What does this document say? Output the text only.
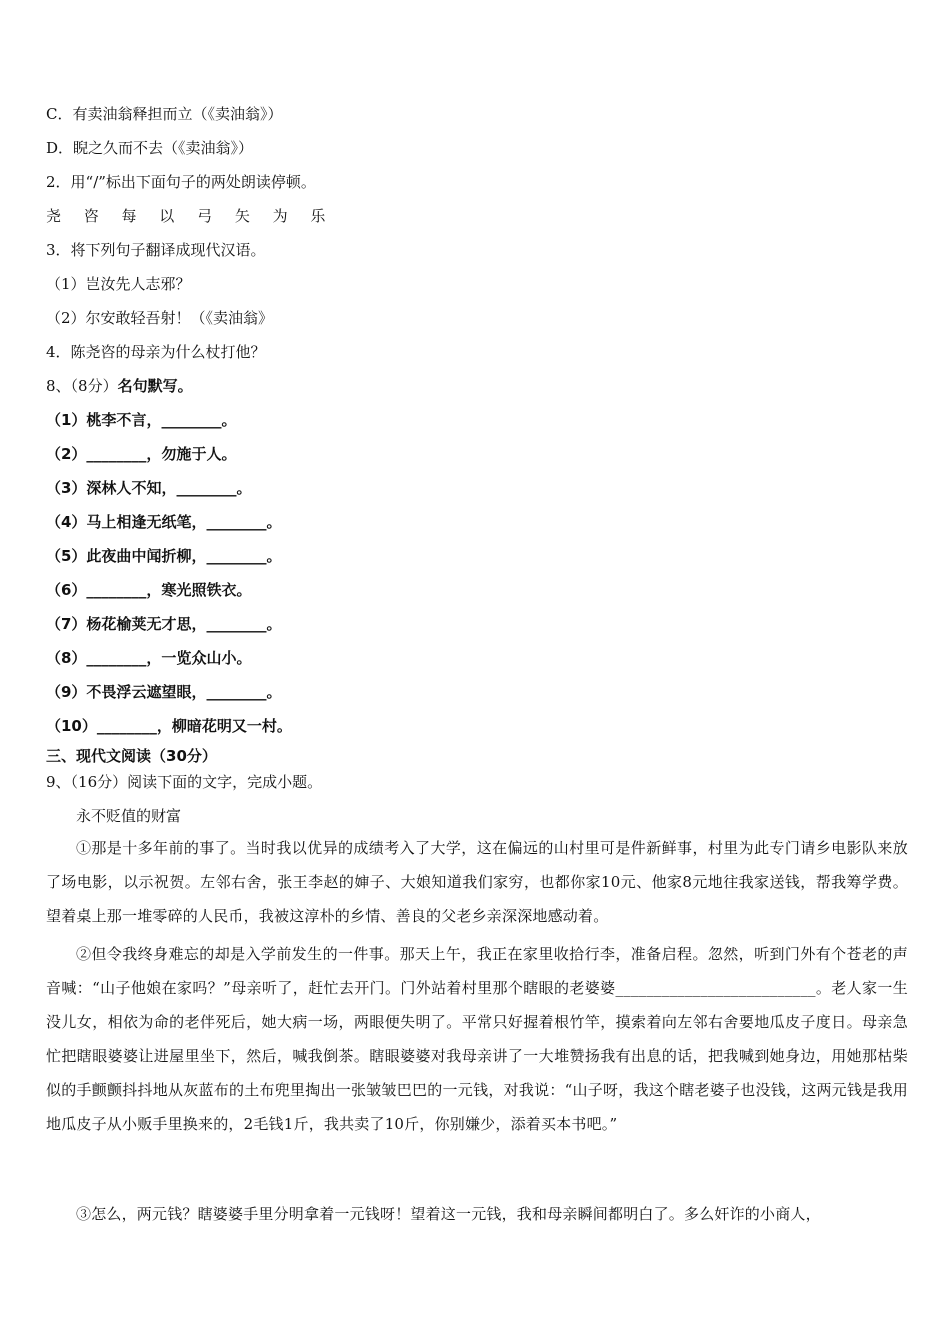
C．有卖油翁释担而立（《卖油翁》）
D．睨之久而不去（《卖油翁》）
2．用“/”标出下面句子的两处朗读停顿。
尧 咨 每 以 弓 矢 为 乐
3．将下列句子翻译成现代汉语。
（1）岂汝先人志邪？
（2）尔安敢轻吾射！（《卖油翁》
4．陈尧咨的母亲为什么杖打他？
8、（8分）名句默写。
（1）桃李不言，________。
（2）________，勿施于人。
（3）深林人不知，________。
（4）马上相逢无纸笔，________。
（5）此夜曲中闻折柳，________。
（6）________，寒光照铁衣。
（7）杨花榆荚无才思，________。
（8）________，一览众山小。
（9）不畏浮云遮望眼，________。
（10）________，柳暗花明又一村。
三、现代文阅读（30分）
9、（16分）阅读下面的文字，完成小题。
永不贬值的财富
①那是十多年前的事了。当时我以优异的成绩考入了大学，这在偏远的山村里可是件新鲜事，村里为此专门请乡电影队来放了场电影，以示祝贺。左邻右舍，张王李赵的婶子、大娘知道我们家穷，也都你家10元、他家8元地往我家送钱，帮我筹学费。望着桌上那一堆零碎的人民币，我被这淳朴的乡情、善良的父老乡亲深深地感动着。
②但令我终身难忘的却是入学前发生的一件事。那天上午，我正在家里收拾行李，准备启程。忽然，听到门外有个苍老的声音喊：“山子他娘在家吗？”母亲听了，赶忙去开门。门外站着村里那个瞎眼的老婆婆__________________________。老人家一生没儿女，相依为命的老伴死后，她大病一场，两眼便失明了。平常只好握着根竹竿，摸索着向左邻右舍要地瓜皮子度日。母亲急忙把瞎眼婆婆让进屋里坐下，然后，喊我倒茶。瞎眼婆婆对我母亲讲了一大堆赞扬我有出息的话，把我喊到她身边，用她那枯柴似的手颤颤抖抖地从灰蓝布的土布兜里掏出一张皱皱巴巴的一元钱，对我说：“山子呀，我这个瞎老婆子也没钱，这两元钱是我用地瓜皮子从小贩手里换来的，2毛钱1斤，我共卖了10斤，你别嫌少，添着买本书吧。”
③怎么，两元钱？瞎婆婆手里分明拿着一元钱呀！望着这一元钱，我和母亲瞬间都明白了。多么奸诈的小商人，
